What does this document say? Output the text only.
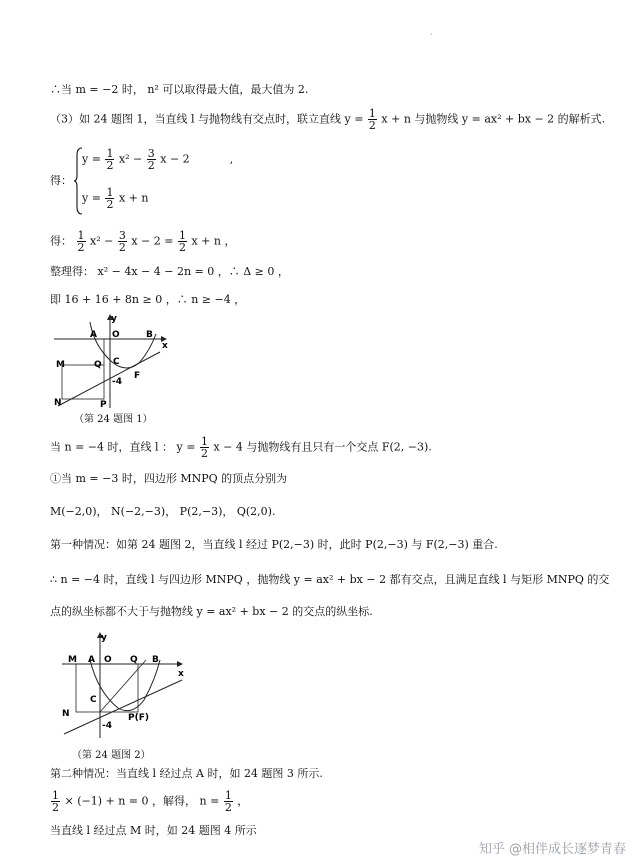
·
∴当 m = −2 时， n² 可以取得最大值，最大值为 2.
（3）如 24 题图 1，当直线 l 与抛物线有交点时，联立直线 $y = \frac{1}{2}$ x + n 与抛物线 y = ax² + bx − 2 的解析式.
得：
$y = \frac{1}{2} x^2 - \frac{3}{2}$ x − 2	,
$y = \frac{1}{2}$ x + n
得： $\frac{1}{2} x^2 - \frac{3}{2}$ $x - 2 = \frac{1}{2}$ x + n ，
整理得： x² − 4x − 4 − 2n = 0 ，∴ Δ ≥ 0 ，
即 16 + 16 + 8n ≥ 0 ，∴ n ≥ −4 ，
y
x
A O	B
M	Q C
F
-4
N	P
（第 24 题图 1）
当 n = −4 时，直线 l ： $y = \frac{1}{2}$ x − 4 与抛物线有且只有一个交点 F(2, −3).
①当 m = −3 时，四边形 MNPQ 的顶点分别为
M(−2,0)， N(−2,−3)， P(2,−3)， Q(2,0).
第一种情况：如第 24 题图 2，当直线 l 经过 P(2,−3) 时，此时 P(2,−3) 与 F(2,−3) 重合.
∴ n = −4 时，直线 l 与四边形 MNPQ ，抛物线 y = ax² + bx − 2 都有交点，且满足直线 l 与矩形 MNPQ 的交
点的纵坐标都不大于与抛物线 y = ax² + bx − 2 的交点的纵坐标.
y
x
M A O Q B
C
N	P(F)
-4
（第 24 题图 2）
第二种情况：当直线 l 经过点 A 时，如 24 题图 3 所示.
$\frac{1}{2} \times (-1) + n = 0$ ，解得， $n = \frac{1}{2}$ ，
当直线 l 经过点 M 时，如 24 题图 4 所示
知乎 @相伴成长逐梦青春
